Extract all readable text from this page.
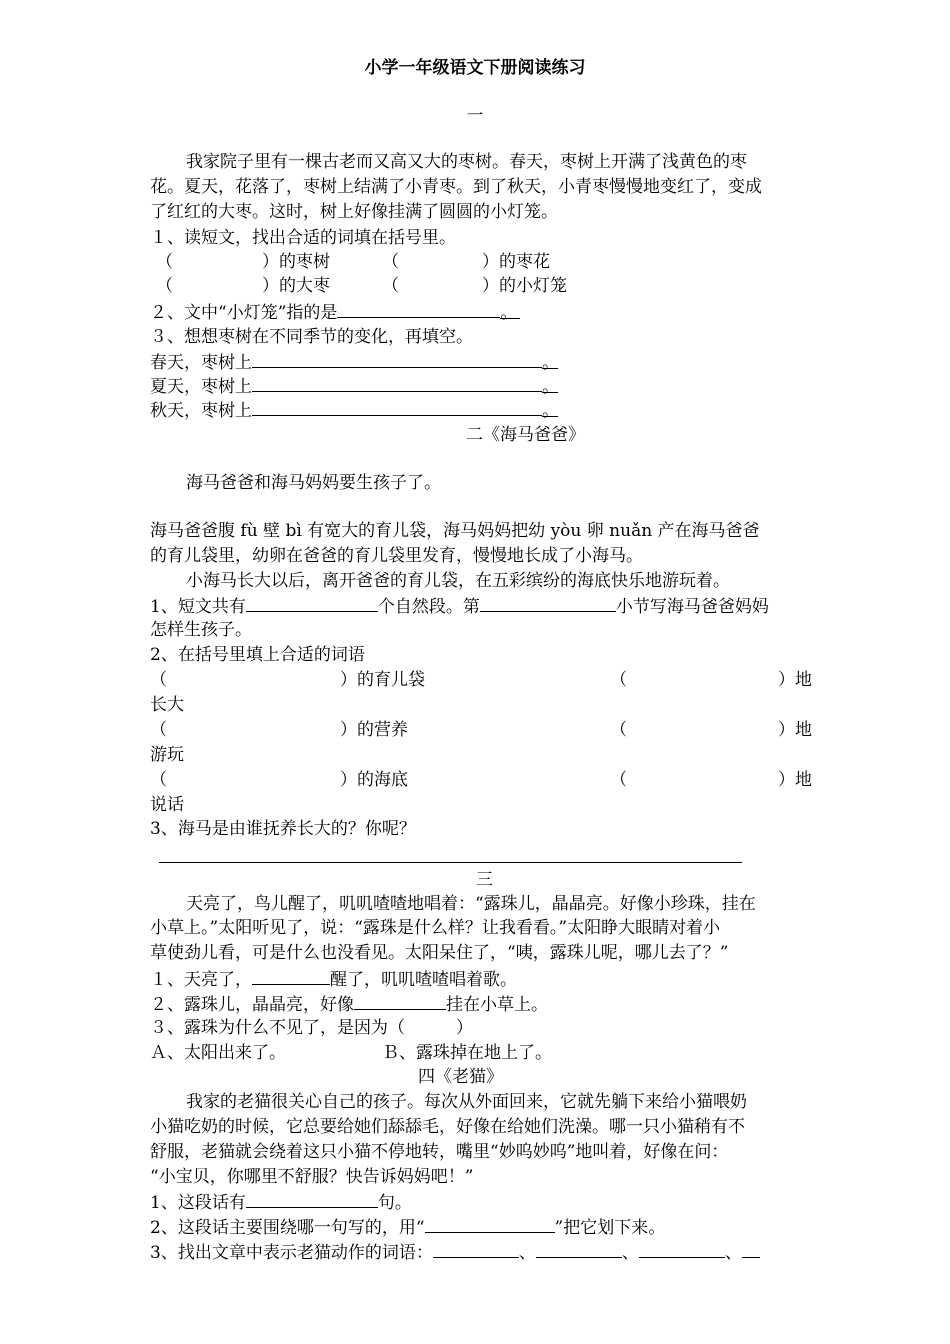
小学一年级语文下册阅读练习
一
我家院子里有一棵古老而又高又大的枣树。春天，枣树上开满了浅黄色的枣
花。夏天，花落了，枣树上结满了小青枣。到了秋天，小青枣慢慢地变红了，变成
了红红的大枣。这时，树上好像挂满了圆圆的小灯笼。
１、读短文，找出合适的词填在括号里。
（	）的枣树	（	）的枣花
（	）的大枣	（	）的小灯笼
２、文中“小灯笼”指的是	。
３、想想枣树在不同季节的变化，再填空。
春天，枣树上	。
夏天，枣树上	。
秋天，枣树上	。
二《海马爸爸》
海马爸爸和海马妈妈要生孩子了。
海马爸爸腹 fù 壁 bì 有宽大的育儿袋，海马妈妈把幼 yòu 卵 nuǎn 产在海马爸爸
的育儿袋里，幼卵在爸爸的育儿袋里发育，慢慢地长成了小海马。
小海马长大以后，离开爸爸的育儿袋，在五彩缤纷的海底快乐地游玩着。
1、短文共有	个自然段。第	小节写海马爸爸妈妈
怎样生孩子。
2、在括号里填上合适的词语
（	）的育儿袋	（	）地
长大
（	）的营养	（	）地
游玩
（	）的海底	（	）地
说话
3、海马是由谁抚养长大的？你呢？
三
天亮了，鸟儿醒了，叽叽喳喳地唱着：“露珠儿，晶晶亮。好像小珍珠，挂在
小草上。”太阳听见了，说：“露珠是什么样？让我看看。”太阳睁大眼睛对着小
草使劲儿看，可是什么也没看见。太阳呆住了，“咦，露珠儿呢，哪儿去了？”
１、天亮了，	醒了，叽叽喳喳唱着歌。
２、露珠儿，晶晶亮，好像	挂在小草上。
３、露珠为什么不见了，是因为（　　　）
Ａ、太阳出来了。	Ｂ、露珠掉在地上了。
四《老猫》
我家的老猫很关心自己的孩子。每次从外面回来，它就先躺下来给小猫喂奶
小猫吃奶的时候，它总要给她们舔舔毛，好像在给她们洗澡。哪一只小猫稍有不
舒服，老猫就会绕着这只小猫不停地转，嘴里“妙呜妙呜”地叫着，好像在问：
“小宝贝，你哪里不舒服？快告诉妈妈吧！”
1、这段话有	句。
2、这段话主要围绕哪一句写的，用“	”把它划下来。
3、找出文章中表示老猫动作的词语：	、	、	、
